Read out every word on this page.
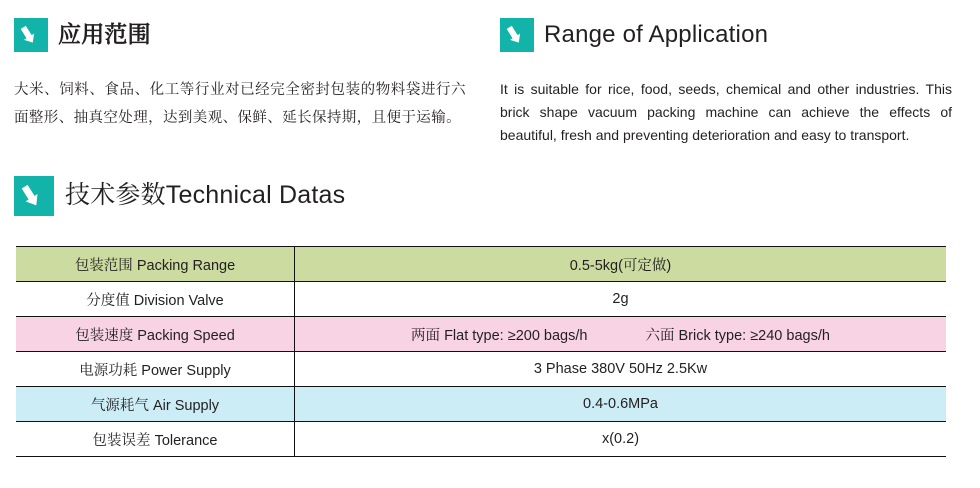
应用范围
大米、饲料、食品、化工等行业对已经完全密封包装的物料袋进行六面整形、抽真空处理，达到美观、保鲜、延长保持期，且便于运输。
Range of Application
It is suitable for rice, food, seeds, chemical and other industries. This brick shape vacuum packing machine can achieve the effects of beautiful, fresh and preventing deterioration and easy to transport.
技术参数Technical Datas
包装范围 Packing Range	0.5-5kg(可定做)
分度值 Division Valve	2g
包装速度 Packing Speed	两面 Flat type: ≥200 bags/h 六面 Brick type: ≥240 bags/h

电源功耗 Power Supply	3 Phase 380V 50Hz 2.5Kw
气源耗气 Air Supply	0.4-0.6MPa
包装误差 Tolerance	x(0.2)
